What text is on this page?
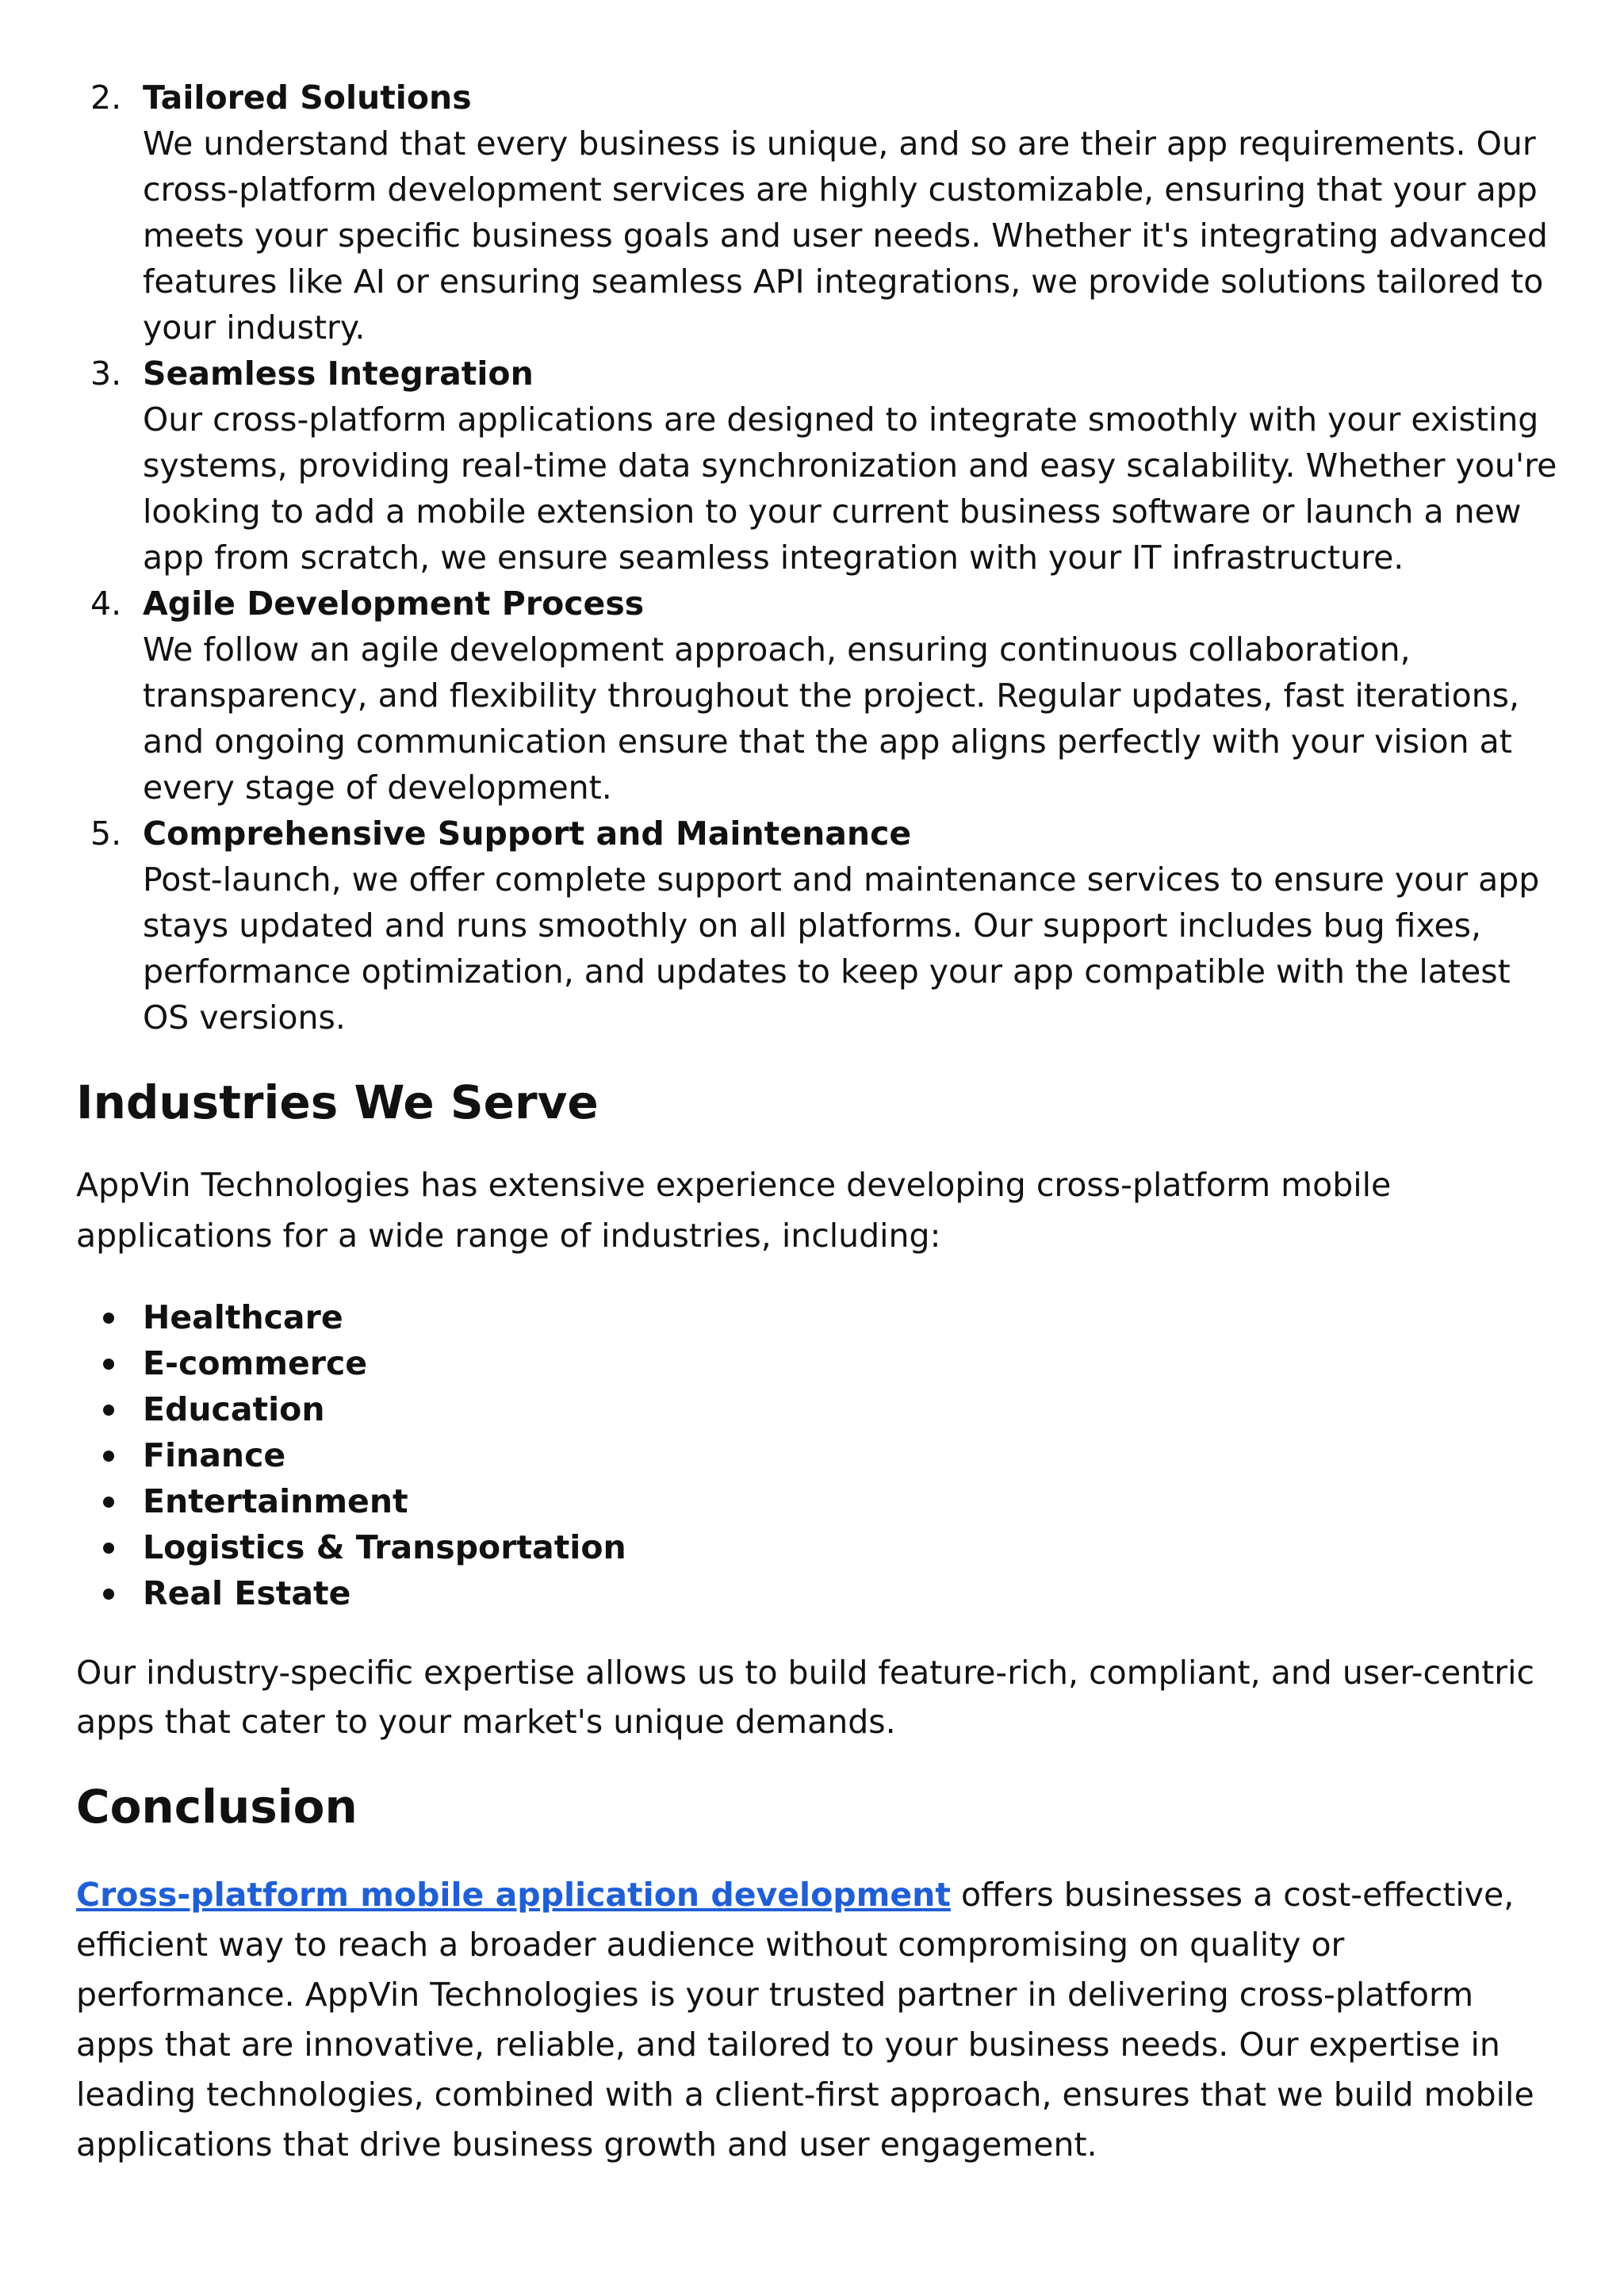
2. Tailored Solutions
We understand that every business is unique, and so are their app requirements. Our cross-platform development services are highly customizable, ensuring that your app meets your specific business goals and user needs. Whether it's integrating advanced features like AI or ensuring seamless API integrations, we provide solutions tailored to your industry.
3. Seamless Integration
Our cross-platform applications are designed to integrate smoothly with your existing systems, providing real-time data synchronization and easy scalability. Whether you're looking to add a mobile extension to your current business software or launch a new app from scratch, we ensure seamless integration with your IT infrastructure.
4. Agile Development Process
We follow an agile development approach, ensuring continuous collaboration, transparency, and flexibility throughout the project. Regular updates, fast iterations, and ongoing communication ensure that the app aligns perfectly with your vision at every stage of development.
5. Comprehensive Support and Maintenance
Post-launch, we offer complete support and maintenance services to ensure your app stays updated and runs smoothly on all platforms. Our support includes bug fixes, performance optimization, and updates to keep your app compatible with the latest OS versions.
Industries We Serve

AppVin Technologies has extensive experience developing cross-platform mobile applications for a wide range of industries, including:

Healthcare
E-commerce
Education
Finance
Entertainment
Logistics & Transportation
Real Estate

Our industry-specific expertise allows us to build feature-rich, compliant, and user-centric apps that cater to your market's unique demands.

Conclusion

Cross-platform mobile application development offers businesses a cost-effective, efficient way to reach a broader audience without compromising on quality or performance. AppVin Technologies is your trusted partner in delivering cross-platform apps that are innovative, reliable, and tailored to your business needs. Our expertise in leading technologies, combined with a client-first approach, ensures that we build mobile applications that drive business growth and user engagement.
